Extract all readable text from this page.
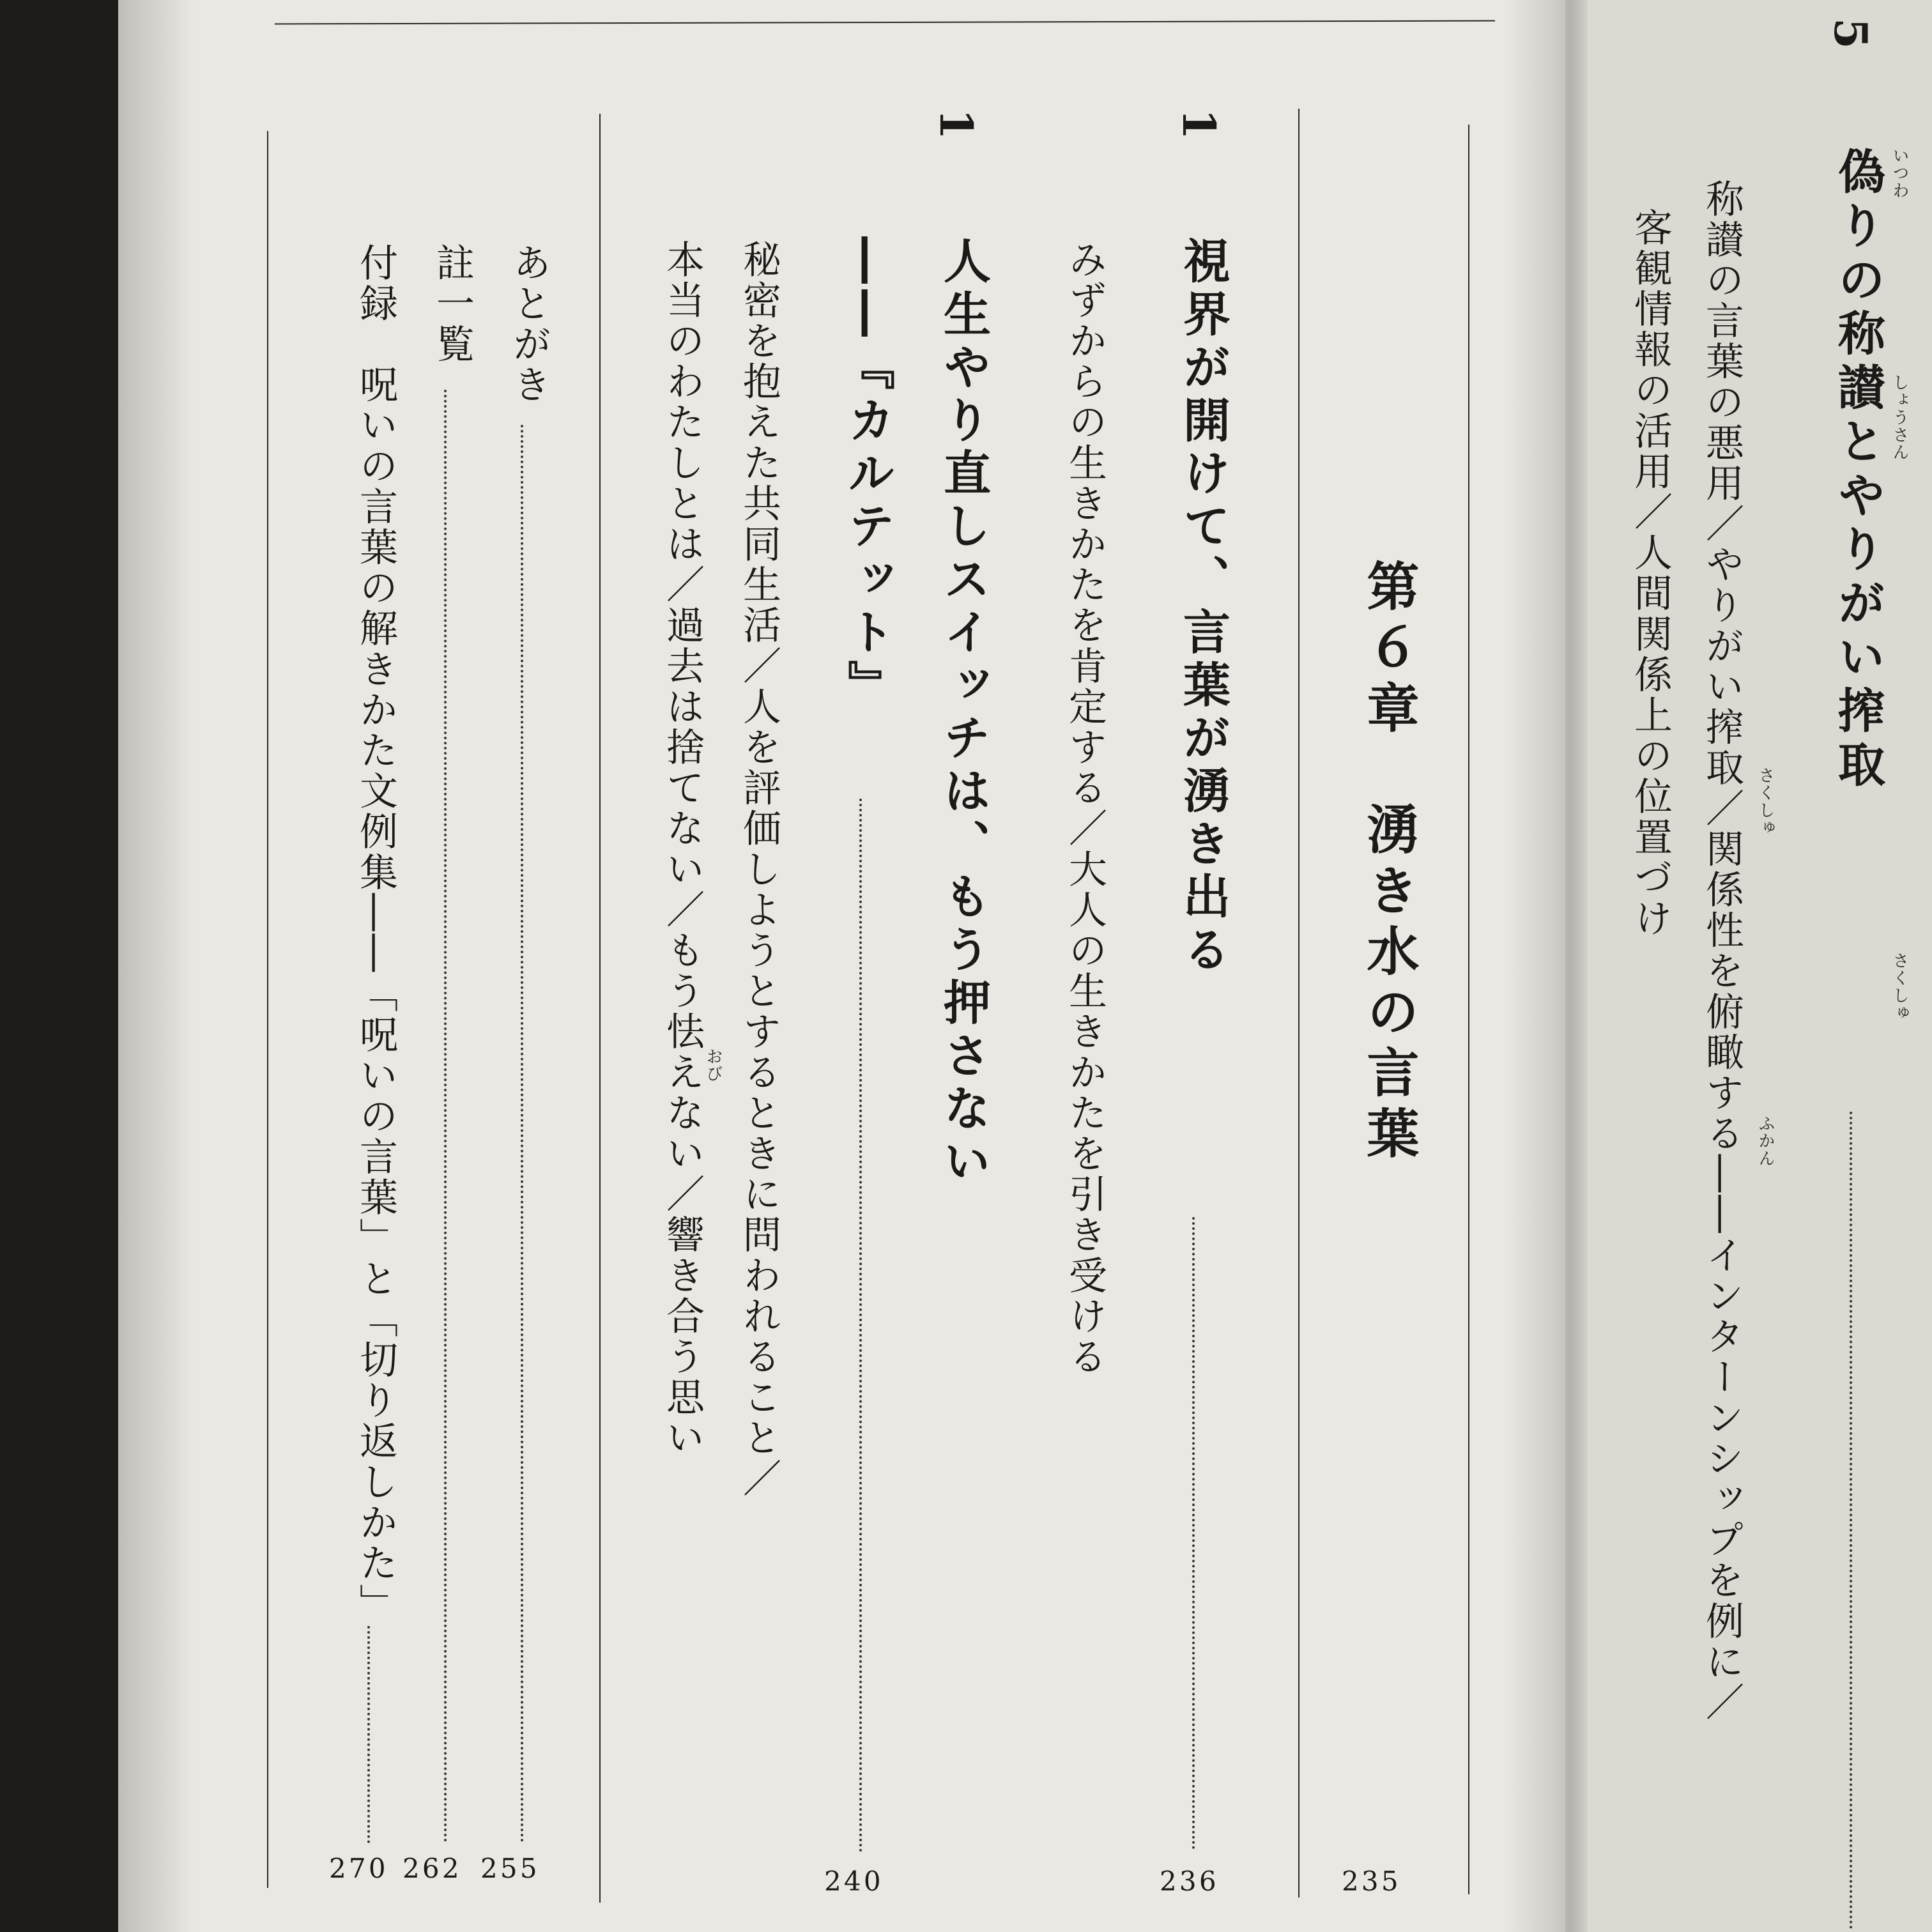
第６章　湧き水の言葉
235
1
視界が開けて、言葉が湧き出る
みずからの生きかたを肯定する／大人の生きかたを引き受ける
236
1
人生やり直しスイッチは、もう押さない
――『カルテット』
秘密を抱えた共同生活／人を評価しようとするときに問われること／
本当のわたしとは／過去は捨てない／もう怯えない／響き合う思い
おび
240
あとがき
註一覧
付録　呪いの言葉の解きかた文例集――「呪いの言葉」と「切り返しかた」
270 262 255
5
偽りの称讃とやりがい搾取 いつわ
しょうさん
さくしゅ
称讃の言葉の悪用／やりがい搾取／関係性を俯瞰する――インターンシップを例に／
客観情報の活用／人間関係上の位置づけ	さくしゅ
ふかん
